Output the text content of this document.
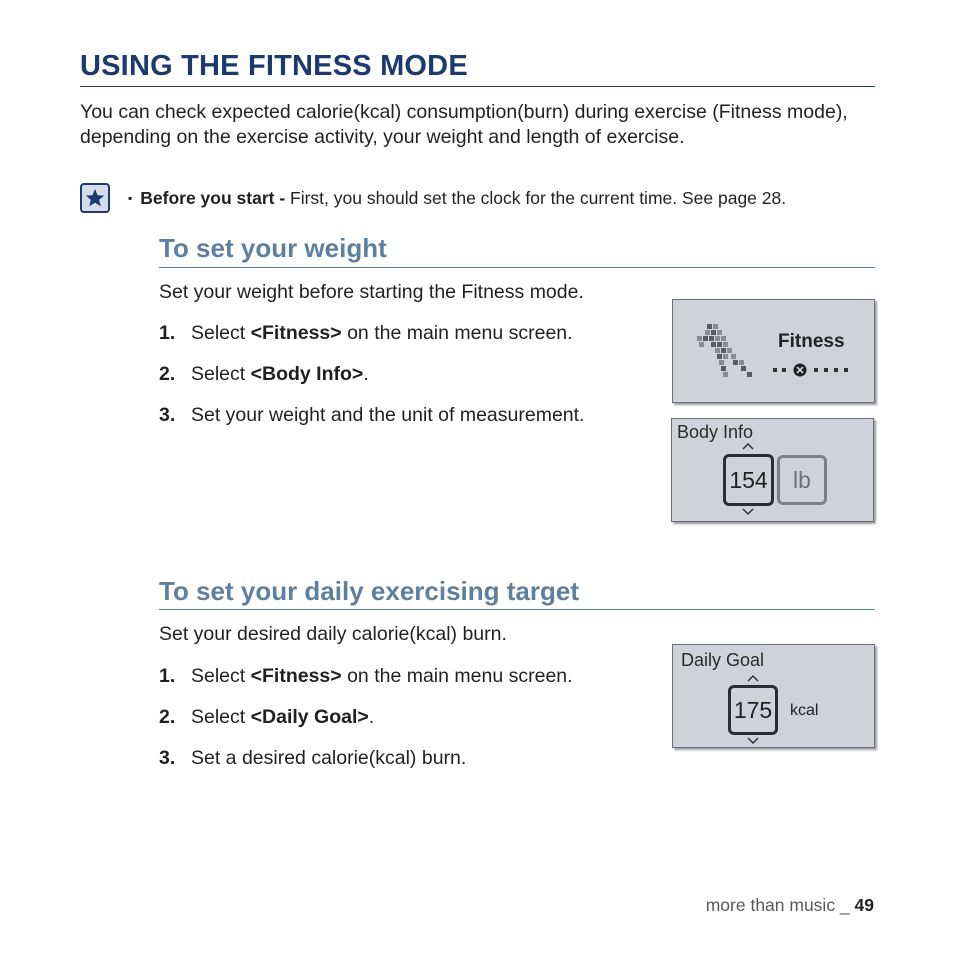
USING THE FITNESS MODE

You can check expected calorie(kcal) consumption(burn) during exercise (Fitness mode), depending on the exercise activity, your weight and length of exercise.

▪ Before you start - First, you should set the clock for the current time. See page 28.
To set your weight

Set your weight before starting the Fitness mode.

1. Select <Fitness> on the main menu screen.
2. Select <Body Info>.
3. Set your weight and the unit of measurement.
Fitness
Body Info
154	lb
To set your daily exercising target

Set your desired daily calorie(kcal) burn.

1. Select <Fitness> on the main menu screen.
2. Select <Daily Goal>.
3. Set a desired calorie(kcal) burn.
Daily Goal
175	kcal
more than music _ 49
